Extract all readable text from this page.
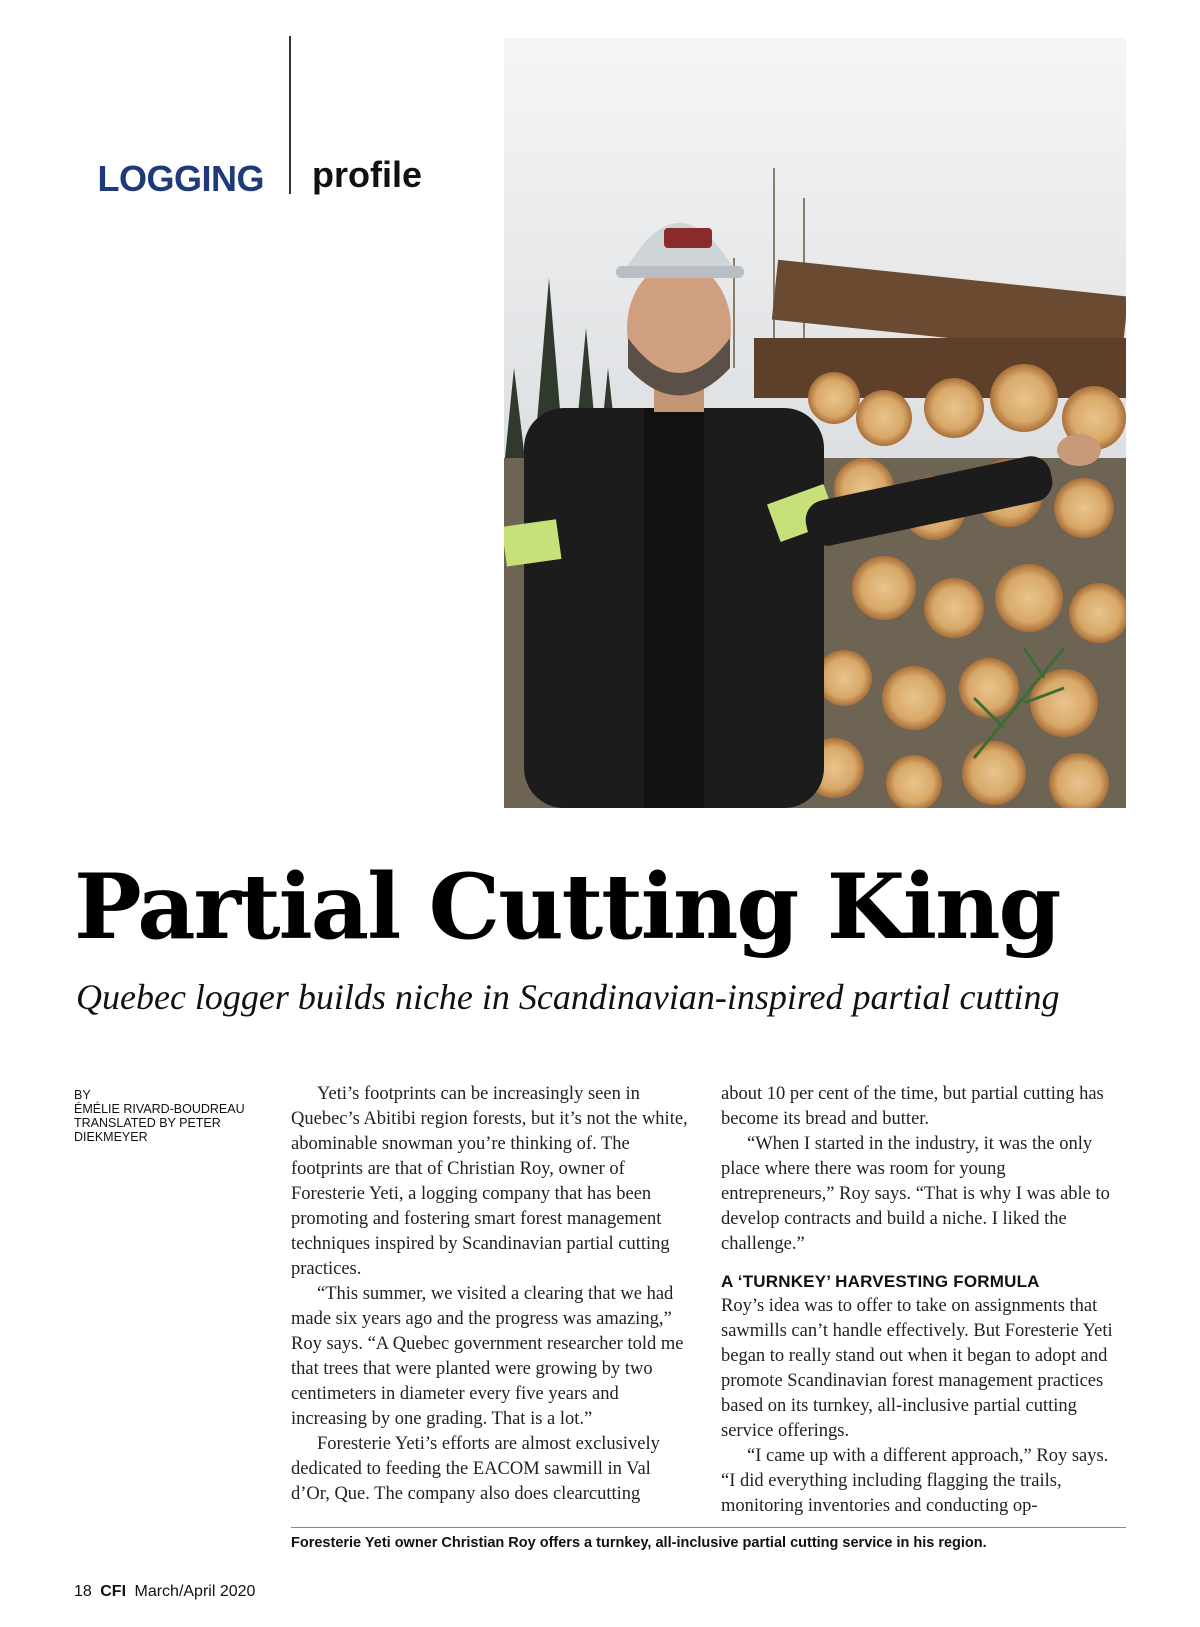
LOGGING profile
Partial Cutting King
Quebec logger builds niche in Scandinavian-inspired partial cutting
BY
ÉMÉLIE RIVARD-BOUDREAU
TRANSLATED BY PETER
DIEKMEYER

Yeti’s footprints can be increasingly seen in Quebec’s Abitibi region forests, but it’s not the white, abominable snowman you’re thinking of. The footprints are that of Christian Roy, owner of Foresterie Yeti, a logging company that has been promoting and fostering smart forest management techniques inspired by Scandinavian partial cutting practices.

“This summer, we visited a clearing that we had made six years ago and the progress was amazing,” Roy says. “A Quebec government researcher told me that trees that were planted were growing by two centimeters in diameter every five years and increasing by one grading. That is a lot.”

Foresterie Yeti’s efforts are almost exclusively dedicated to feeding the EACOM sawmill in Val d’Or, Que. The company also does clearcutting

about 10 per cent of the time, but partial cutting has become its bread and butter.

“When I started in the industry, it was the only place where there was room for young entrepreneurs,” Roy says. “That is why I was able to develop contracts and build a niche. I liked the challenge.”

A ‘TURNKEY’ HARVESTING FORMULA

Roy’s idea was to offer to take on assignments that sawmills can’t handle effectively. But Foresterie Yeti began to really stand out when it began to adopt and promote Scandinavian forest management practices based on its turnkey, all-inclusive partial cutting service offerings.

“I came up with a different approach,” Roy says. “I did everything including flagging the trails, monitoring inventories and conducting op-

Foresterie Yeti owner Christian Roy offers a turnkey, all-inclusive partial cutting service in his region.
18 CFI March/April 2020
